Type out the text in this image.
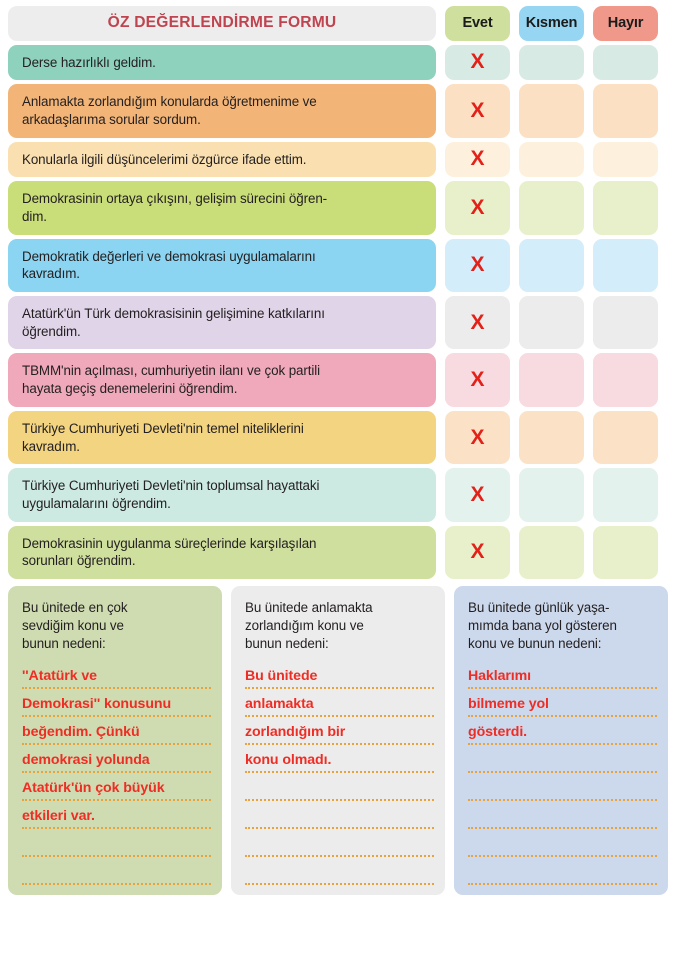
ÖZ DEĞERLENDİRME FORMU	Evet	Kısmen	Hayır
Derse hazırlıklı geldim.	X
Anlamakta zorlandığım konularda öğretmenime ve
arkadaşlarıma sorular sordum.	X
Konularla ilgili düşüncelerimi özgürce ifade ettim.	X
Demokrasinin ortaya çıkışını, gelişim sürecini öğren-
dim.	X
Demokratik değerleri ve demokrasi uygulamalarını
kavradım.	X
Atatürk'ün Türk demokrasisinin gelişimine katkılarını
öğrendim.	X
TBMM'nin açılması, cumhuriyetin ilanı ve çok partili
hayata geçiş denemelerini öğrendim.	X
Türkiye Cumhuriyeti Devleti'nin temel niteliklerini
kavradım.	X
Türkiye Cumhuriyeti Devleti'nin toplumsal hayattaki
uygulamalarını öğrendim.	X
Demokrasinin uygulanma süreçlerinde karşılaşılan
sorunları öğrendim.	X
Bu ünitede en çok
sevdiğim konu ve
bunun nedeni:
''Atatürk ve
Demokrasi'' konusunu
beğendim. Çünkü
demokrasi yolunda
Atatürk'ün çok büyük
etkileri var.
Bu ünitede anlamakta
zorlandığım konu ve
bunun nedeni:
Bu ünitede
anlamakta
zorlandığım bir
konu olmadı.
Bu ünitede günlük yaşa-
mımda bana yol gösteren
konu ve bunun nedeni:
Haklarımı
bilmeme yol
gösterdi.
